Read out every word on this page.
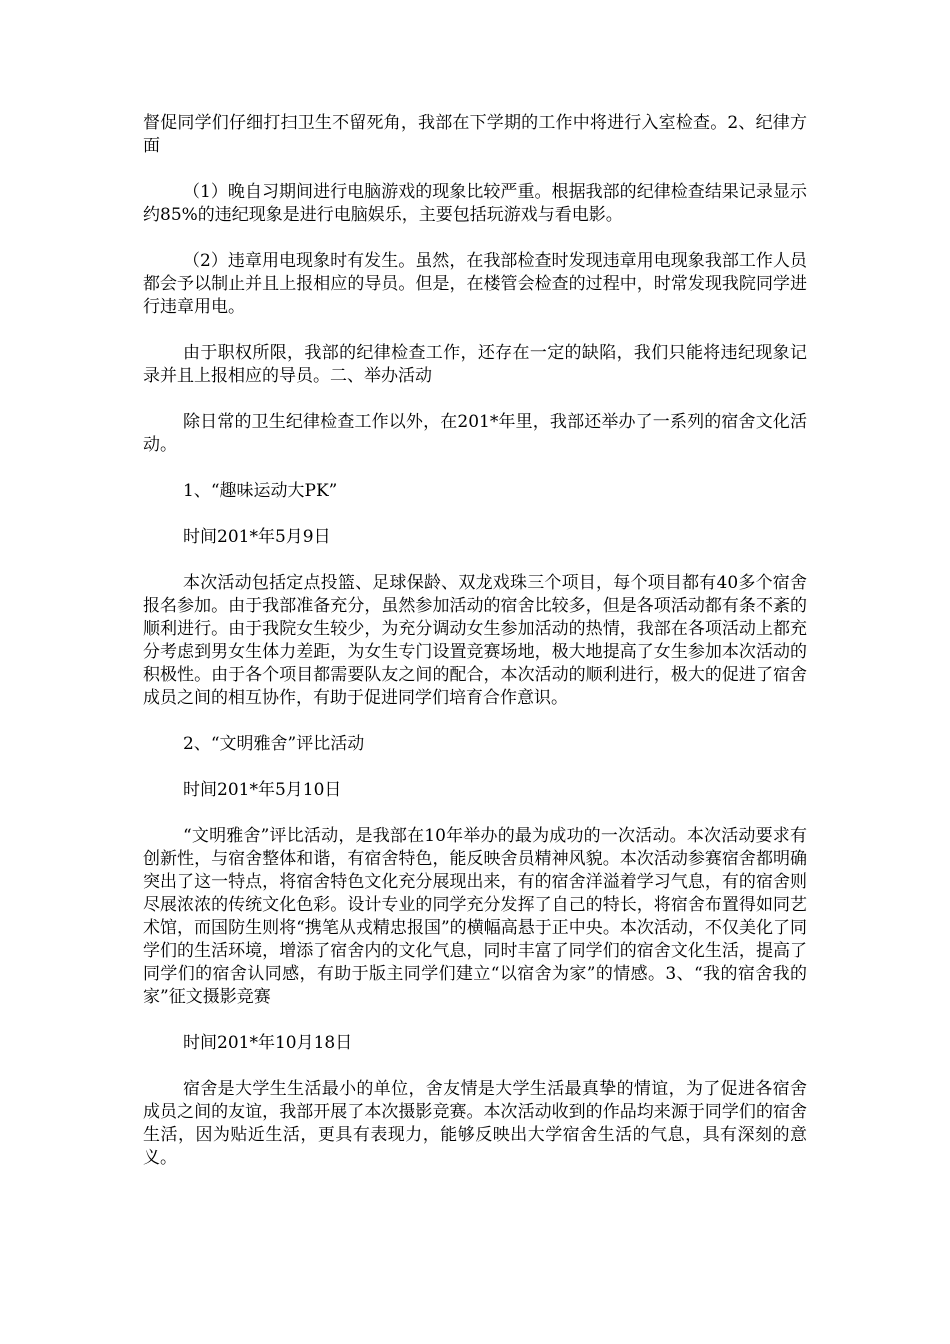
督促同学们仔细打扫卫生不留死角，我部在下学期的工作中将进行入室检查。2、纪律方面

（1）晚自习期间进行电脑游戏的现象比较严重。根据我部的纪律检查结果记录显示约85%的违纪现象是进行电脑娱乐，主要包括玩游戏与看电影。

（2）违章用电现象时有发生。虽然，在我部检查时发现违章用电现象我部工作人员都会予以制止并且上报相应的导员。但是，在楼管会检查的过程中，时常发现我院同学进行违章用电。

由于职权所限，我部的纪律检查工作，还存在一定的缺陷，我们只能将违纪现象记录并且上报相应的导员。二、举办活动

除日常的卫生纪律检查工作以外，在201*年里，我部还举办了一系列的宿舍文化活动。

1、“趣味运动大PK”

时间201*年5月9日

本次活动包括定点投篮、足球保龄、双龙戏珠三个项目，每个项目都有40多个宿舍报名参加。由于我部准备充分，虽然参加活动的宿舍比较多，但是各项活动都有条不紊的顺利进行。由于我院女生较少，为充分调动女生参加活动的热情，我部在各项活动上都充分考虑到男女生体力差距，为女生专门设置竞赛场地，极大地提高了女生参加本次活动的积极性。由于各个项目都需要队友之间的配合，本次活动的顺利进行，极大的促进了宿舍成员之间的相互协作，有助于促进同学们培育合作意识。

2、“文明雅舍”评比活动

时间201*年5月10日

“文明雅舍”评比活动，是我部在10年举办的最为成功的一次活动。本次活动要求有创新性，与宿舍整体和谐，有宿舍特色，能反映舍员精神风貌。本次活动参赛宿舍都明确突出了这一特点，将宿舍特色文化充分展现出来，有的宿舍洋溢着学习气息，有的宿舍则尽展浓浓的传统文化色彩。设计专业的同学充分发挥了自己的特长，将宿舍布置得如同艺术馆，而国防生则将“携笔从戎精忠报国”的横幅高悬于正中央。本次活动，不仅美化了同学们的生活环境，增添了宿舍内的文化气息，同时丰富了同学们的宿舍文化生活，提高了同学们的宿舍认同感，有助于版主同学们建立“以宿舍为家”的情感。3、“我的宿舍我的家”征文摄影竞赛

时间201*年10月18日

宿舍是大学生生活最小的单位，舍友情是大学生活最真挚的情谊，为了促进各宿舍成员之间的友谊，我部开展了本次摄影竞赛。本次活动收到的作品均来源于同学们的宿舍生活，因为贴近生活，更具有表现力，能够反映出大学宿舍生活的气息，具有深刻的意义。
